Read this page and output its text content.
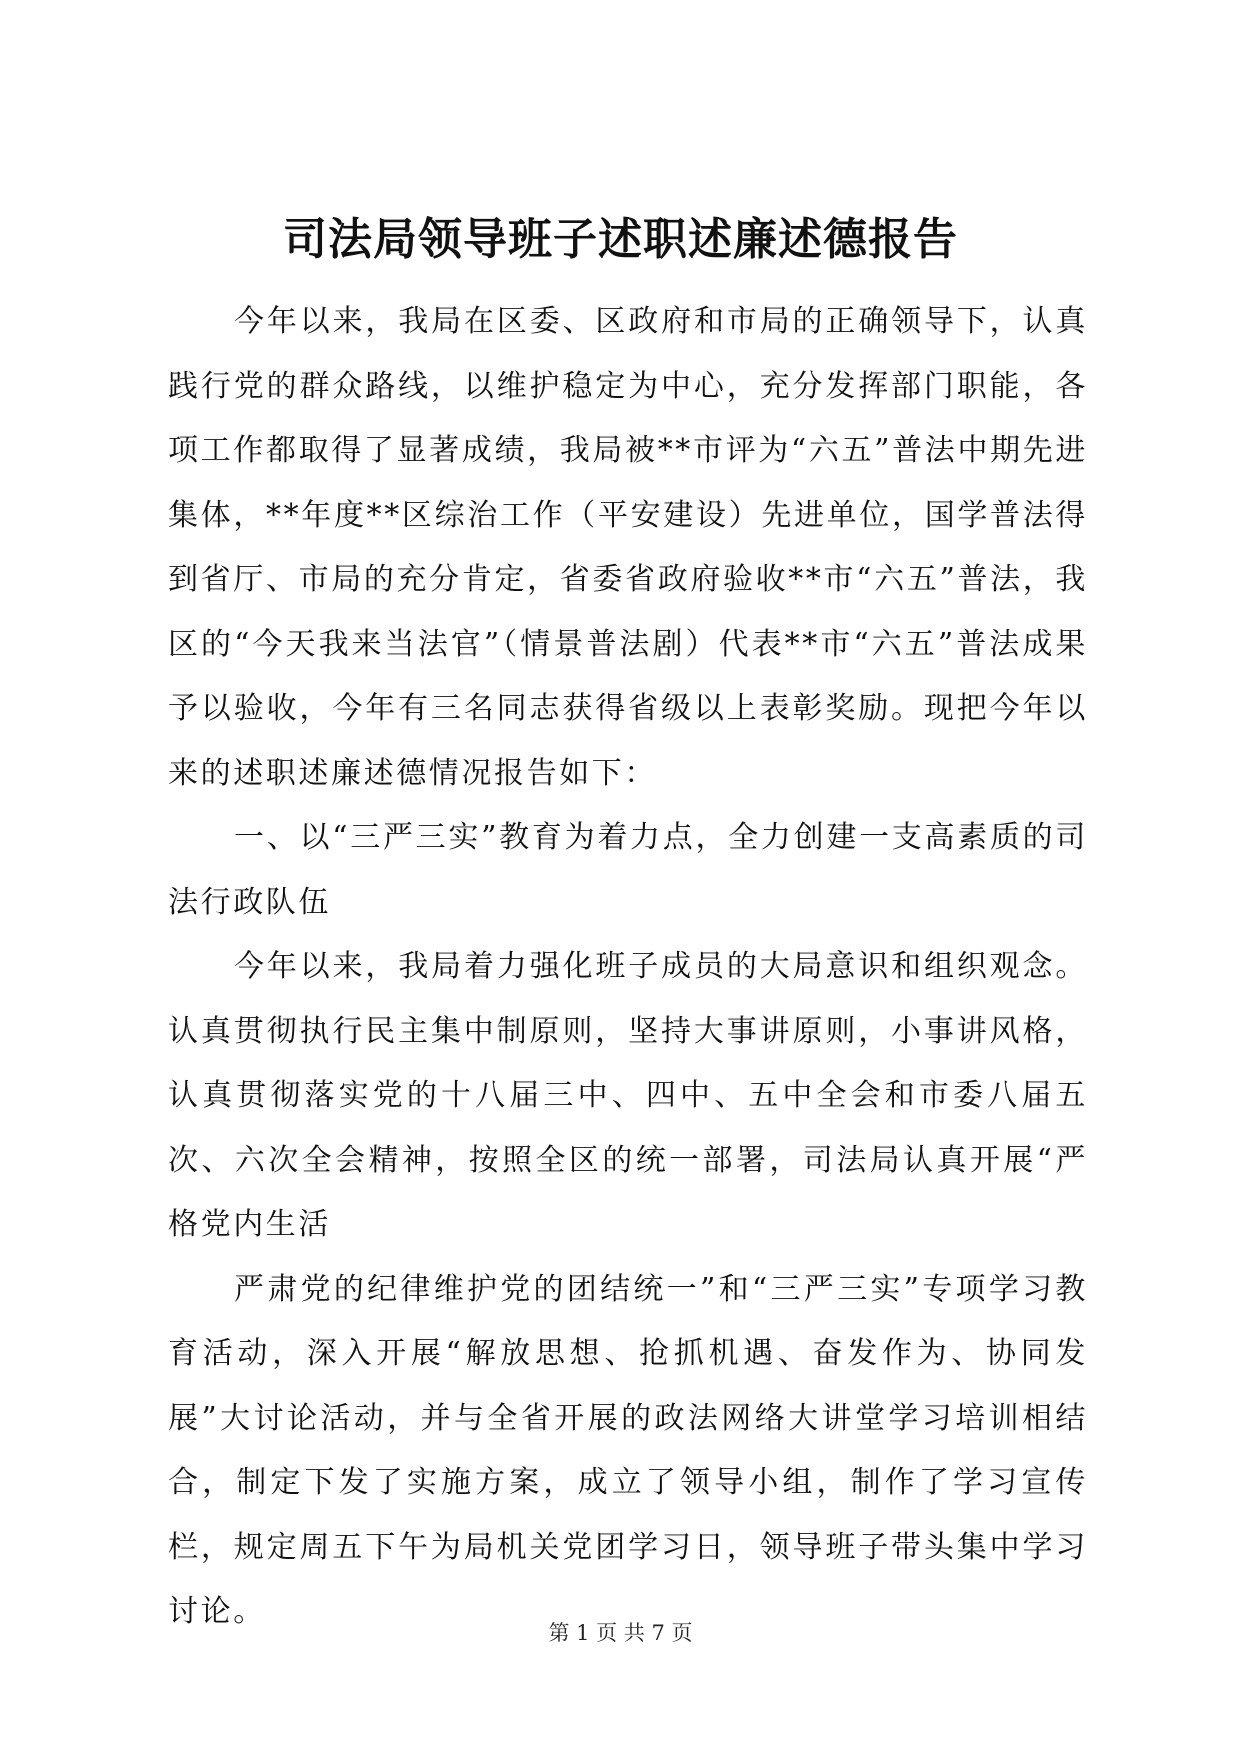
司法局领导班子述职述廉述德报告

今年以来，我局在区委、区政府和市局的正确领导下，认真践行党的群众路线，以维护稳定为中心，充分发挥部门职能，各项工作都取得了显著成绩，我局被**市评为“六五”普法中期先进集体，**年度**区综治工作（平安建设）先进单位，国学普法得到省厅、市局的充分肯定，省委省政府验收**市“六五”普法，我区的“今天我来当法官”（情景普法剧）代表**市“六五”普法成果予以验收，今年有三名同志获得省级以上表彰奖励。现把今年以来的述职述廉述德情况报告如下：

一、以“三严三实”教育为着力点，全力创建一支高素质的司法行政队伍

今年以来，我局着力强化班子成员的大局意识和组织观念。认真贯彻执行民主集中制原则，坚持大事讲原则，小事讲风格，认真贯彻落实党的十八届三中、四中、五中全会和市委八届五次、六次全会精神，按照全区的统一部署，司法局认真开展“严格党内生活

严肃党的纪律维护党的团结统一”和“三严三实”专项学习教育活动，深入开展“解放思想、抢抓机遇、奋发作为、协同发展”大讨论活动，并与全省开展的政法网络大讲堂学习培训相结合，制定下发了实施方案，成立了领导小组，制作了学习宣传栏，规定周五下午为局机关党团学习日，领导班子带头集中学习讨论。

第 1 页 共 7 页
